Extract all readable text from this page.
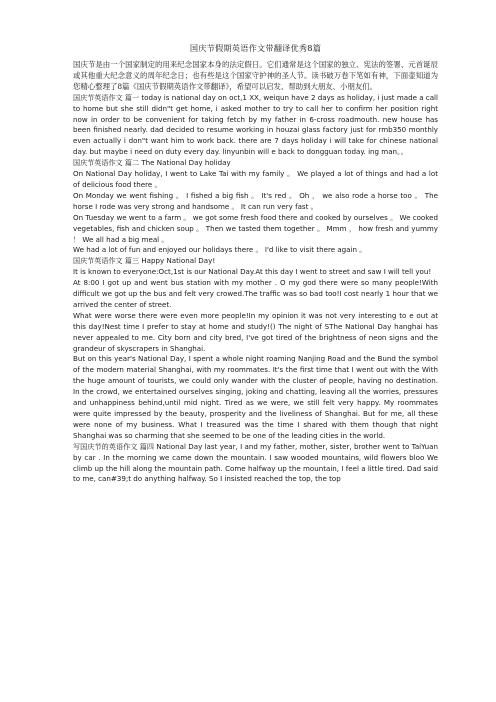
国庆节假期英语作文带翻译优秀8篇

国庆节是由一个国家制定的用来纪念国家本身的法定假日。它们通常是这个国家的独立、宪法的签署、元首诞辰或其他重大纪念意义的周年纪念日；也有些是这个国家守护神的圣人节。读书破万卷下笔如有神，下面壶知道为您精心整理了8篇《国庆节假期英语作文带翻译》，希望可以启发、帮助到大朋友、小朋友们。

国庆节英语作文 篇一 today is national day on oct,1 XX, weiqun have 2 days as holiday, i just made a call to home but she still didn"t get home, i asked mother to try to call her to confirm her position right now in order to be convenient for taking fetch by my father in 6-cross roadmouth. new house has been finished nearly. dad decided to resume working in houzai glass factory just for rmb350 monthly even actually i don"t want him to work back. there are 7 days holiday i will take for chinese national day. but maybe i need on duty every day. linyunbin will e back to dongguan today. ing man。。

国庆节英语作文 篇二 The National Day holiday

On National Day holiday, I went to Lake Tai with my family 。 We played a lot of things and had a lot of delicious food there 。

On Monday we went fishing 。 I fished a big fish 。 It's red 。 Oh ， we also rode a horse too 。 The horse I rode was very strong and handsome 。 It can run very fast 。

On Tuesday we went to a farm 。 we got some fresh food there and cooked by ourselves 。 We cooked vegetables, fish and chicken soup 。 Then we tasted them together 。 Mmm ， how fresh and yummy ！ We all had a big meal 。

We had a lot of fun and enjoyed our holidays there 。 I'd like to visit there again 。

国庆节英语作文 篇三 Happy National Day!

It is known to everyone:Oct,1st is our National Day.At this day I went to street and saw I will tell you!

At 8:00 I got up and went bus station with my mother . O my god there were so many people!With difficult we got up the bus and felt very crowed.The traffic was so bad too!I cost nearly 1 hour that we arrived the center of street.

What were worse there were even more people!In my opinion it was not very interesting to e out at this day!Nest time I prefer to stay at home and study!() The night of SThe National Day hanghai has never appealed to me. City born and city bred, I've got tired of the brightness of neon signs and the grandeur of skyscrapers in Shanghai.

But on this year's National Day, I spent a whole night roaming Nanjing Road and the Bund the symbol of the modern material Shanghai, with my roommates. It's the first time that I went out with the With the huge amount of tourists, we could only wander with the cluster of people, having no destination. In the crowd, we entertained ourselves singing, joking and chatting, leaving all the worries, pressures and unhappiness behind,until mid night. Tired as we were, we still felt very happy. My roommates were quite impressed by the beauty, prosperity and the liveliness of Shanghai. But for me, all these were none of my business. What I treasured was the time I shared with them though that night Shanghai was so charming that she seemed to be one of the leading cities in the world.

写国庆节的英语作文 篇四 National Day last year, I and my father, mother, sister, brother went to TaiYuan by car . In the morning we came down the mountain. I saw wooded mountains, wild flowers bloo We climb up the hill along the mountain path. Come halfway up the mountain, I feel a little tired. Dad said to me, can#39;t do anything halfway. So I insisted reached the top, the top
